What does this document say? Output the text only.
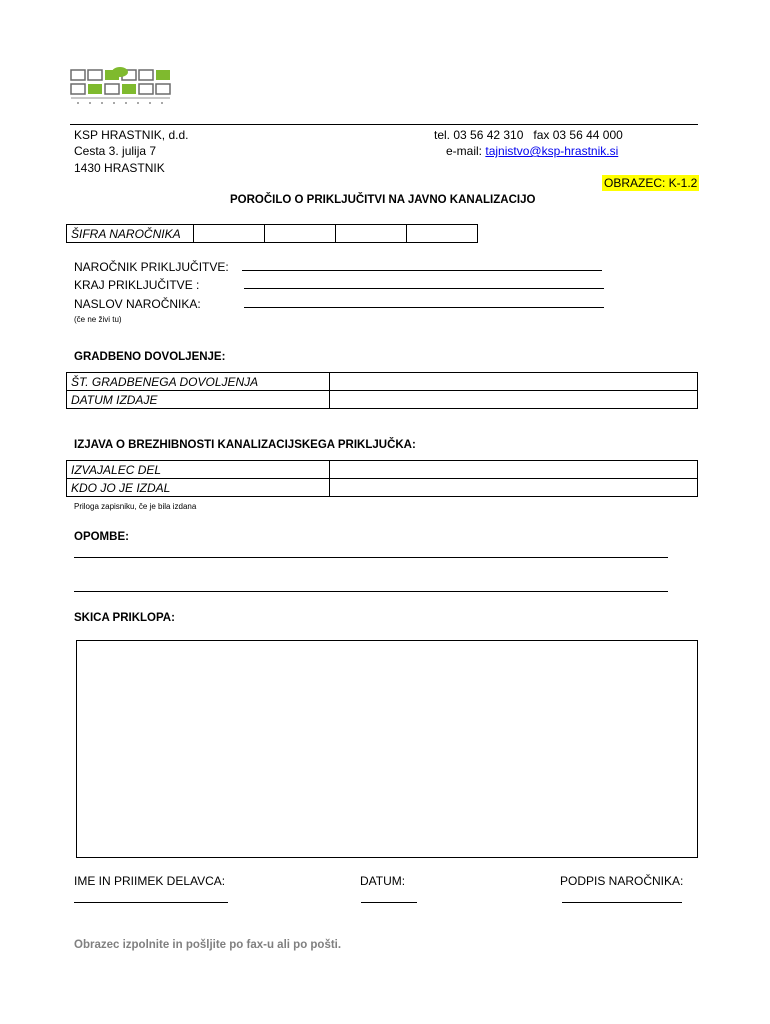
KSP HRASTNIK, d.d.
Cesta 3. julija 7
1430 HRASTNIK
tel. 03 56 42 310   fax 03 56 44 000
e-mail: tajnistvo@ksp-hrastnik.si
OBRAZEC: K-1.2
POROČILO O PRIKLJUČITVI NA JAVNO KANALIZACIJO
ŠIFRA NAROČNIKA				
NAROČNIK PRIKLJUČITVE:
KRAJ PRIKLJUČITVE :
NASLOV NAROČNIKA:
(če ne živi tu)
GRADBENO DOVOLJENJE:
ŠT. GRADBENEGA DOVOLJENJA	
DATUM IZDAJE	
IZJAVA O BREZHIBNOSTI KANALIZACIJSKEGA PRIKLJUČKA:
IZVAJALEC DEL	
KDO JO JE IZDAL	
Priloga zapisniku, če je bila izdana
OPOMBE:
SKICA PRIKLOPA:
IME IN PRIIMEK DELAVCA:	DATUM:	PODPIS NAROČNIKA:
Obrazec izpolnite in pošljite po fax-u ali po pošti.
